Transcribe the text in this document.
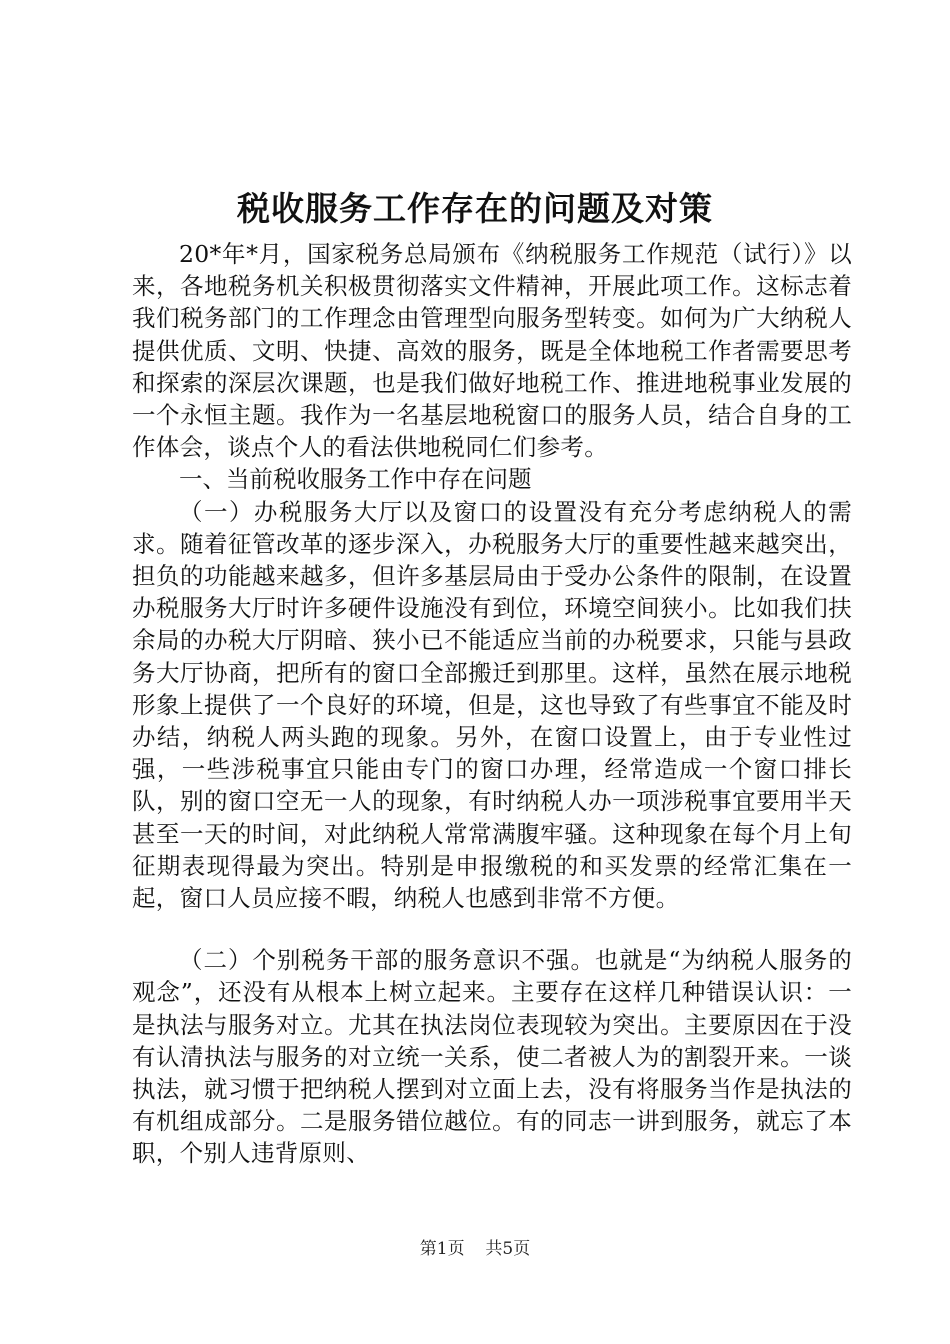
税收服务工作存在的问题及对策

20*年*月，国家税务总局颁布《纳税服务工作规范（试行）》以来，各地税务机关积极贯彻落实文件精神，开展此项工作。这标志着我们税务部门的工作理念由管理型向服务型转变。如何为广大纳税人提供优质、文明、快捷、高效的服务，既是全体地税工作者需要思考和探索的深层次课题，也是我们做好地税工作、推进地税事业发展的一个永恒主题。我作为一名基层地税窗口的服务人员，结合自身的工作体会，谈点个人的看法供地税同仁们参考。

一、当前税收服务工作中存在问题

（一）办税服务大厅以及窗口的设置没有充分考虑纳税人的需求。随着征管改革的逐步深入，办税服务大厅的重要性越来越突出，担负的功能越来越多，但许多基层局由于受办公条件的限制，在设置办税服务大厅时许多硬件设施没有到位，环境空间狭小。比如我们扶余局的办税大厅阴暗、狭小已不能适应当前的办税要求，只能与县政务大厅协商，把所有的窗口全部搬迁到那里。这样，虽然在展示地税形象上提供了一个良好的环境，但是，这也导致了有些事宜不能及时办结，纳税人两头跑的现象。另外，在窗口设置上，由于专业性过强，一些涉税事宜只能由专门的窗口办理，经常造成一个窗口排长队，别的窗口空无一人的现象，有时纳税人办一项涉税事宜要用半天甚至一天的时间，对此纳税人常常满腹牢骚。这种现象在每个月上旬征期表现得最为突出。特别是申报缴税的和买发票的经常汇集在一起，窗口人员应接不暇，纳税人也感到非常不方便。

（二）个别税务干部的服务意识不强。也就是“为纳税人服务的观念”，还没有从根本上树立起来。主要存在这样几种错误认识：一是执法与服务对立。尤其在执法岗位表现较为突出。主要原因在于没有认清执法与服务的对立统一关系，使二者被人为的割裂开来。一谈执法，就习惯于把纳税人摆到对立面上去，没有将服务当作是执法的有机组成部分。二是服务错位越位。有的同志一讲到服务，就忘了本职，个别人违背原则、

第1页 共5页
